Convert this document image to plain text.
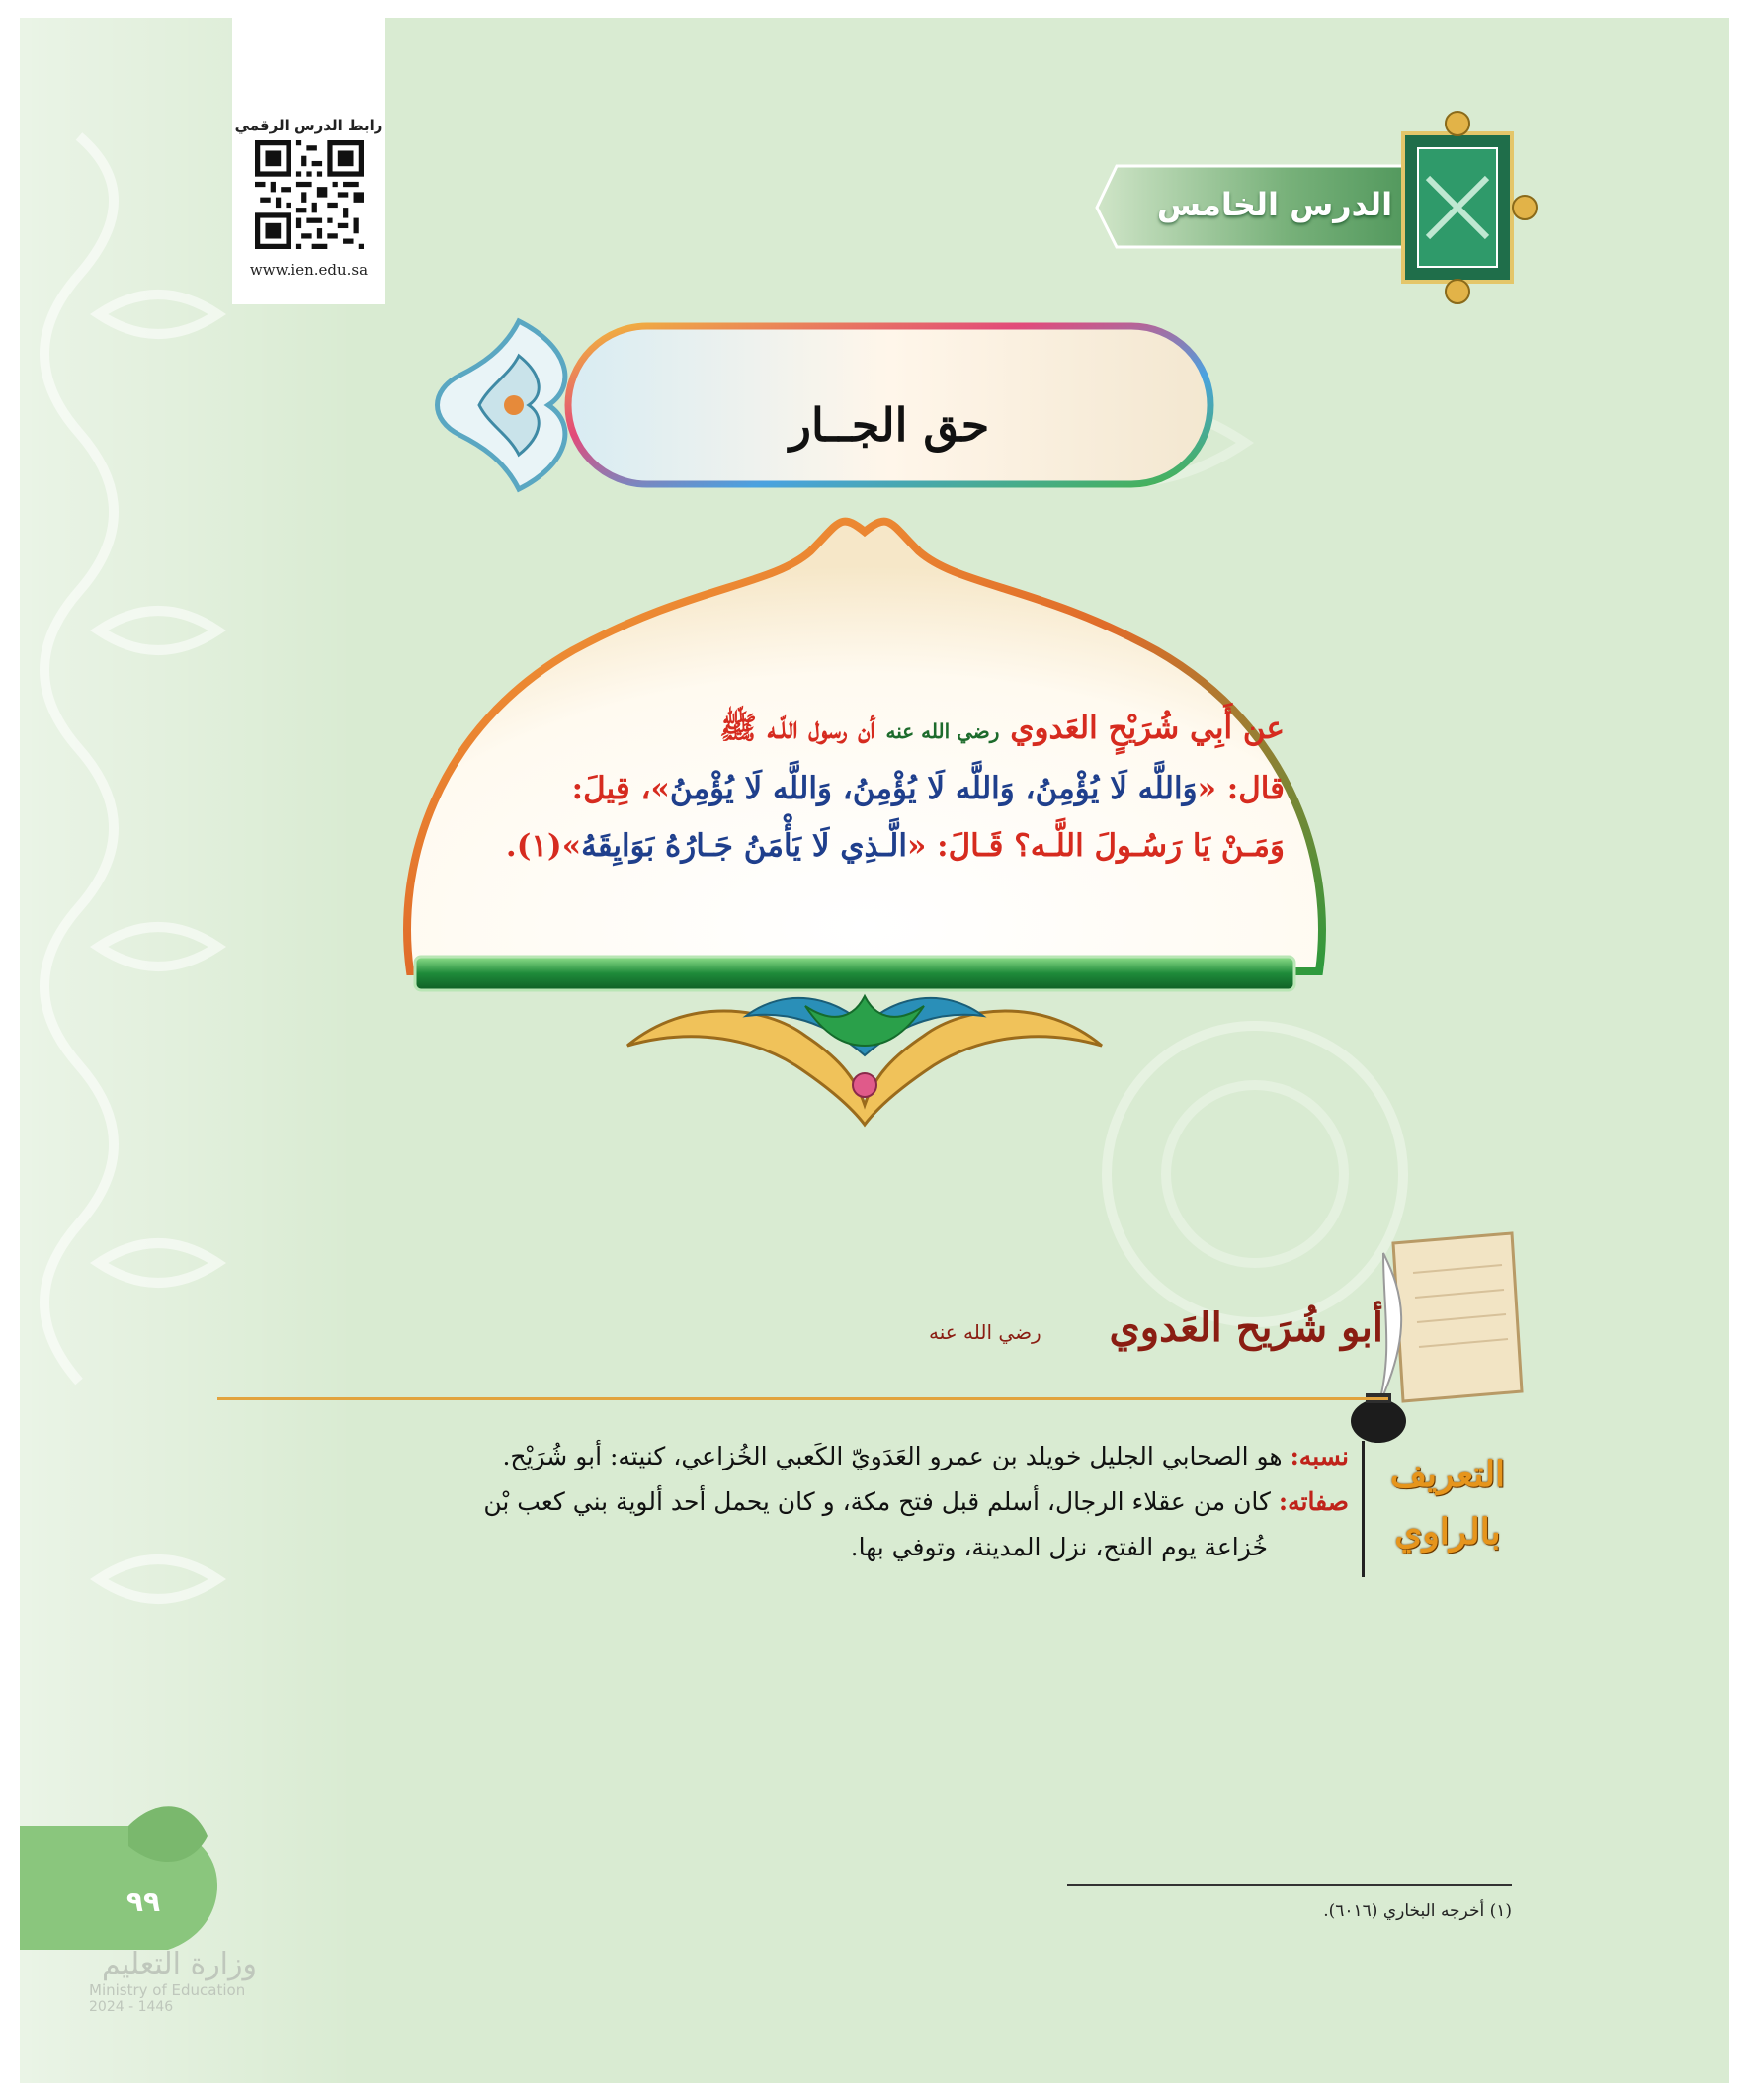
رابط الدرس الرقمي
www.ien.edu.sa
الدرس الخامس
حق الجــار
عن أَبِي شُرَيْحٍ العَدوي رضي الله عنه أن رسول اللّـه ﷺ
قال: «وَاللَّه لَا يُؤْمِنُ، وَاللَّه لَا يُؤْمِنُ، وَاللَّه لَا يُؤْمِنُ»، قِيلَ:
وَمَـنْ يَا رَسُـولَ اللَّـه؟ قَـالَ: «الَّـذِي لَا يَأْمَنُ جَـارُهُ بَوَايِقَهُ»(١).
أبو شُرَيح العَدوي
رضي الله عنه
التعريف
بالراوي

نسبه: هو الصحابي الجليل خويلد بن عمرو العَدَويّ الكَعبي الخُزاعي، كنيته: أبو شُرَيْح.

صفاته: كان من عقلاء الرجال، أسلم قبل فتح مكة، و كان يحمل أحد ألوية بني كعب بْن

خُزاعة يوم الفتح، نزل المدينة، وتوفي بها.

(١) أخرجه البخاري (٦٠١٦).
٩٩
وزارة التعليم
Ministry of Education
2024 - 1446
